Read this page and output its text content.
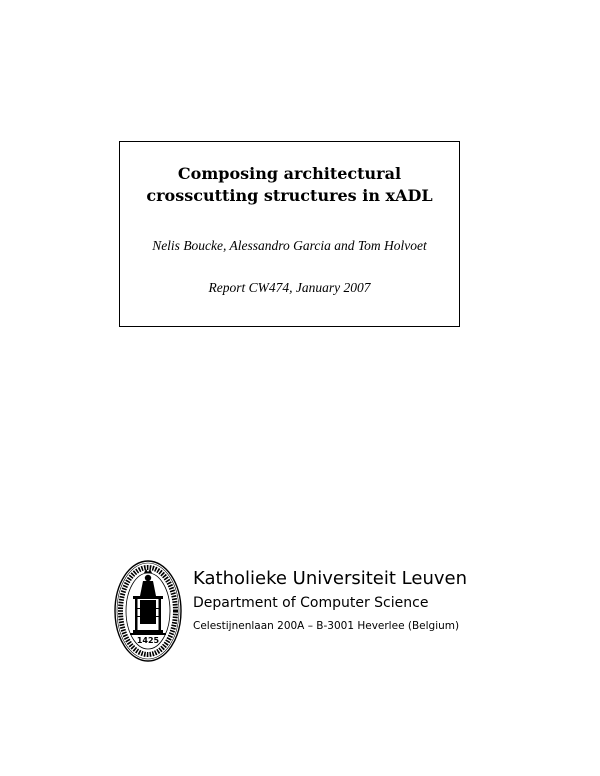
Composing architectural crosscutting structures in xADL
Nelis Boucke, Alessandro Garcia and Tom Holvoet
Report CW474, January 2007
1425
Katholieke Universiteit Leuven
Department of Computer Science
Celestijnenlaan 200A – B-3001 Heverlee (Belgium)
